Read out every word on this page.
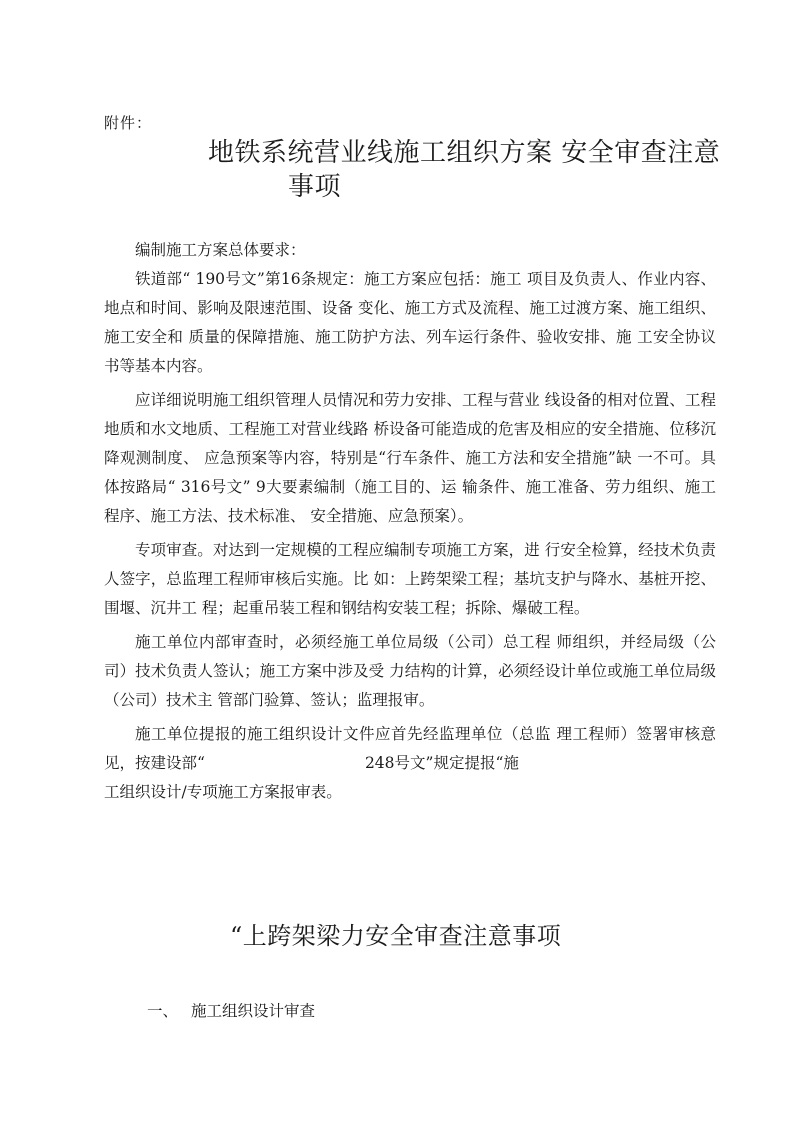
附件：
地铁系统营业线施工组织方案 安全审查注意
事项

编制施工方案总体要求：

铁道部“ 190号文”第16条规定：施工方案应包括：施工 项目及负责人、作业内容、地点和时间、影响及限速范围、设备 变化、施工方式及流程、施工过渡方案、施工组织、施工安全和 质量的保障措施、施工防护方法、列车运行条件、验收安排、施 工安全协议书等基本内容。

应详细说明施工组织管理人员情况和劳力安排、工程与营业 线设备的相对位置、工程地质和水文地质、工程施工对营业线路 桥设备可能造成的危害及相应的安全措施、位移沉降观测制度、 应急预案等内容，特别是“行车条件、施工方法和安全措施”缺 一不可。具体按路局“ 316号文” 9大要素编制（施工目的、运 输条件、施工准备、劳力组织、施工程序、施工方法、技术标准、 安全措施、应急预案）。

专项审查。对达到一定规模的工程应编制专项施工方案，进 行安全检算，经技术负责人签字，总监理工程师审核后实施。比 如：上跨架梁工程；基坑支护与降水、基桩开挖、围堰、沉井工 程；起重吊装工程和钢结构安装工程；拆除、爆破工程。

施工单位内部审查时，必须经施工单位局级（公司）总工程 师组织，并经局级（公司）技术负责人签认；施工方案中涉及受 力结构的计算，必须经设计单位或施工单位局级（公司）技术主 管部门验算、签认；监理报审。

施工单位提报的施工组织设计文件应首先经监理单位（总监 理工程师）签署审核意见，按建设部“	248号文”规定提报“施

工组织设计/专项施工方案报审表。

“上跨架梁力安全审查注意事项
一、 施工组织设计审查
